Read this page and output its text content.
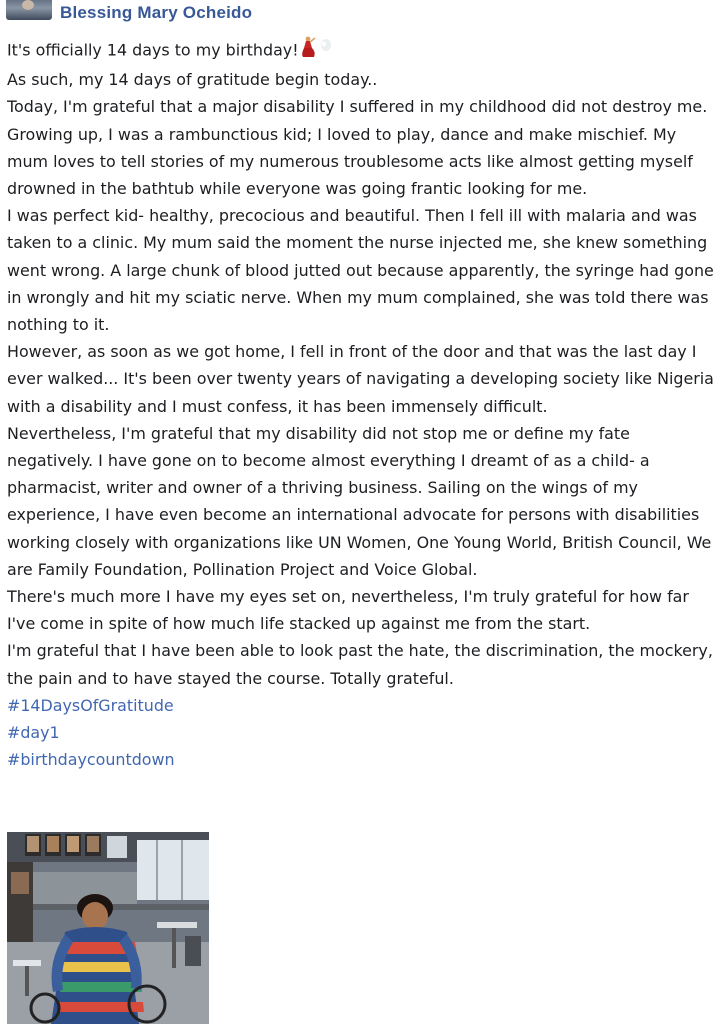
Blessing Mary Ocheido

It's officially 14 days to my birthday!

As such, my 14 days of gratitude begin today..

Today, I'm grateful that a major disability I suffered in my childhood did not destroy me.

Growing up, I was a rambunctious kid; I loved to play, dance and make mischief. My mum loves to tell stories of my numerous troublesome acts like almost getting myself drowned in the bathtub while everyone was going frantic looking for me.

I was perfect kid- healthy, precocious and beautiful. Then I fell ill with malaria and was taken to a clinic. My mum said the moment the nurse injected me, she knew something went wrong. A large chunk of blood jutted out because apparently, the syringe had gone in wrongly and hit my sciatic nerve. When my mum complained, she was told there was nothing to it.

However, as soon as we got home, I fell in front of the door and that was the last day I ever walked... It's been over twenty years of navigating a developing society like Nigeria with a disability and I must confess, it has been immensely difficult.

Nevertheless, I'm grateful that my disability did not stop me or define my fate negatively. I have gone on to become almost everything I dreamt of as a child- a pharmacist, writer and owner of a thriving business. Sailing on the wings of my experience, I have even become an international advocate for persons with disabilities working closely with organizations like UN Women, One Young World, British Council, We are Family Foundation, Pollination Project and Voice Global.

There's much more I have my eyes set on, nevertheless, I'm truly grateful for how far I've come in spite of how much life stacked up against me from the start.

I'm grateful that I have been able to look past the hate, the discrimination, the mockery, the pain and to have stayed the course. Totally grateful.

#14DaysOfGratitude
#day1
#birthdaycountdown
